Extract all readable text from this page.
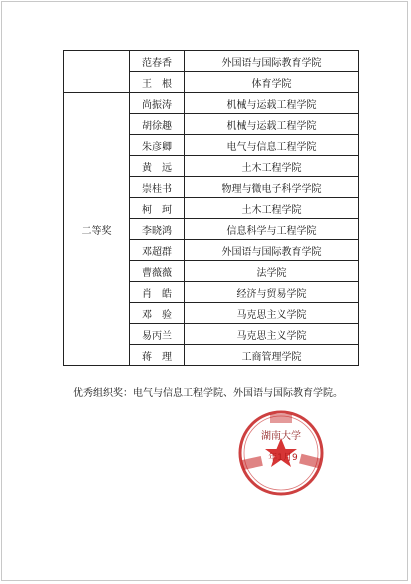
	范春香	外国语与国际教育学院
	王　根	体育学院
二等奖	尚振涛	机械与运载工程学院
	胡徐趣	机械与运载工程学院
	朱彦卿	电气与信息工程学院
	黄　远	土木工程学院
	崇桂书	物理与微电子科学学院
	柯　珂	土木工程学院
	李晓鸿	信息科学与工程学院
	邓超群	外国语与国际教育学院
	曹薇薇	法学院
	肖　皓	经济与贸易学院
	邓　验	马克思主义学院
	易丙兰	马克思主义学院
	蒋　理	工商管理学院
优秀组织奖：电气与信息工程学院、外国语与国际教育学院。
湖南大学
年1月9
